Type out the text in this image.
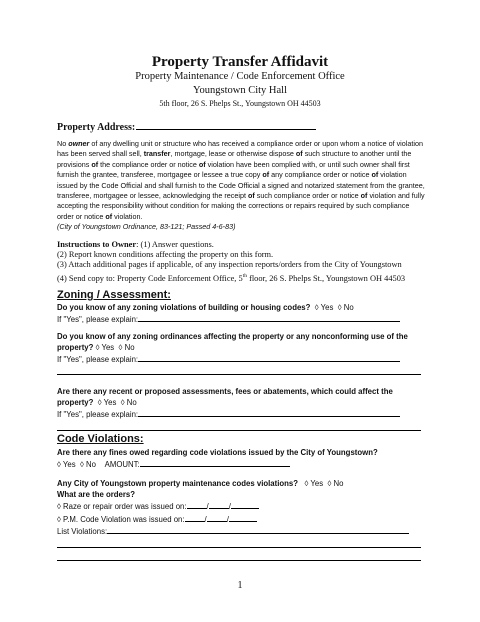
Property Transfer Affidavit
Property Maintenance / Code Enforcement Office
Youngstown City Hall
5th floor, 26 S. Phelps St., Youngstown OH 44503
Property Address:
No owner of any dwelling unit or structure who has received a compliance order or upon whom a notice of violation has been served shall sell, transfer, mortgage, lease or otherwise dispose of such structure to another until the provisions of the compliance order or notice of violation have been complied with, or until such owner shall first furnish the grantee, transferee, mortgagee or lessee a true copy of any compliance order or notice of violation issued by the Code Official and shall furnish to the Code Official a signed and notarized statement from the grantee, transferee, mortgagee or lessee, acknowledging the receipt of such compliance order or notice of violation and fully accepting the responsibility without condition for making the corrections or repairs required by such compliance order or notice of violation.
(City of Youngstown Ordinance, 83-121; Passed 4-6-83)
Instructions to Owner: (1) Answer questions.
(2) Report known conditions affecting the property on this form.
(3) Attach additional pages if applicable, of any inspection reports/orders from the City of Youngstown
(4) Send copy to: Property Code Enforcement Office, 5th floor, 26 S. Phelps St., Youngstown OH 44503
Zoning / Assessment:
Do you know of any zoning violations of building or housing codes? ◊ Yes ◊ No
If "Yes", please explain:
Do you know of any zoning ordinances affecting the property or any nonconforming use of the property? ◊ Yes ◊ No
If "Yes", please explain:
Are there any recent or proposed assessments, fees or abatements, which could affect the property? ◊ Yes ◊ No
If "Yes", please explain:
Code Violations:
Are there any fines owed regarding code violations issued by the City of Youngstown?
◊ Yes ◊ No AMOUNT:
Any City of Youngstown property maintenance codes violations? ◊ Yes ◊ No
What are the orders?
◊ Raze or repair order was issued on:	/	/
◊ P.M. Code Violation was issued on:	/	/
List Violations:
1
